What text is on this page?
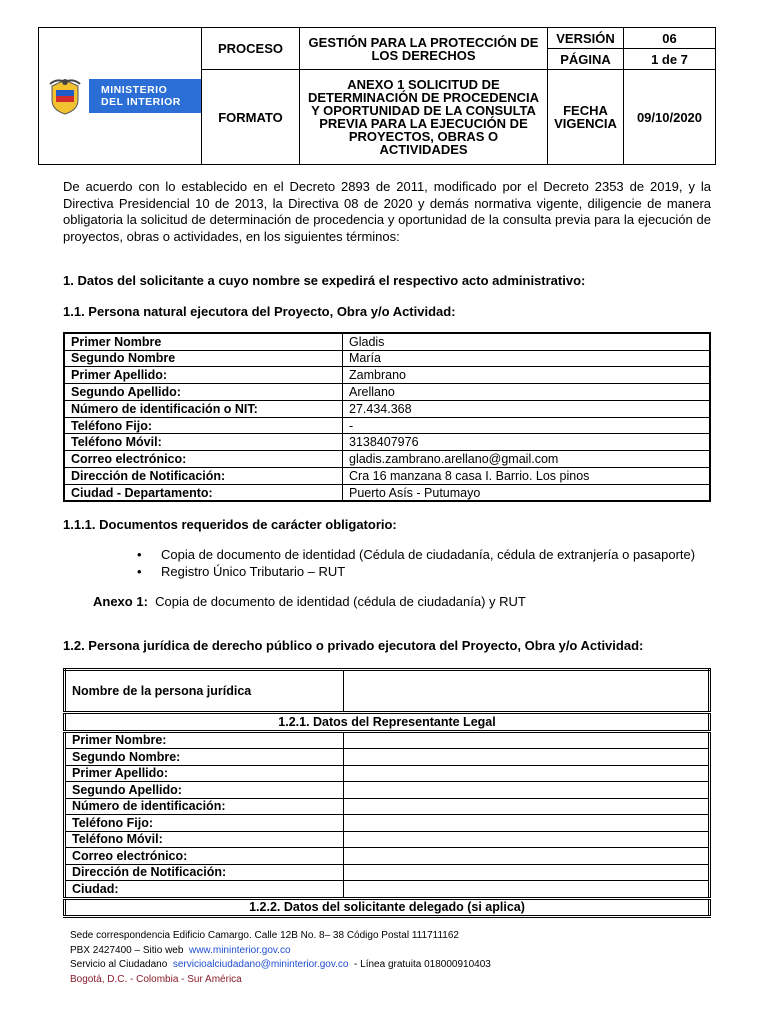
MINISTERIO
DEL INTERIOR	PROCESO	GESTIÓN PARA LA PROTECCIÓN DE LOS DERECHOS	VERSIÓN	06
			PÁGINA	1 de 7
	FORMATO	ANEXO 1 SOLICITUD DE DETERMINACIÓN DE PROCEDENCIA Y OPORTUNIDAD DE LA CONSULTA PREVIA PARA LA EJECUCIÓN DE PROYECTOS, OBRAS O ACTIVIDADES	FECHA VIGENCIA	09/10/2020

De acuerdo con lo establecido en el Decreto 2893 de 2011, modificado por el Decreto 2353 de 2019, y la Directiva Presidencial 10 de 2013, la Directiva 08 de 2020 y demás normativa vigente, diligencie de manera obligatoria la solicitud de determinación de procedencia y oportunidad de la consulta previa para la ejecución de proyectos, obras o actividades, en los siguientes términos:

1. Datos del solicitante a cuyo nombre se expedirá el respectivo acto administrativo:

1.1. Persona natural ejecutora del Proyecto, Obra y/o Actividad:

Primer Nombre	Gladis
Segundo Nombre	María
Primer Apellido:	Zambrano
Segundo Apellido:	Arellano
Número de identificación o NIT:	27.434.368
Teléfono Fijo:	-
Teléfono Móvil:	3138407976
Correo electrónico:	gladis.zambrano.arellano@gmail.com
Dirección de Notificación:	Cra 16 manzana 8 casa I. Barrio. Los pinos
Ciudad - Departamento:	Puerto Asís - Putumayo

1.1.1. Documentos requeridos de carácter obligatorio:

• Copia de documento de identidad (Cédula de ciudadanía, cédula de extranjería o pasaporte)
• Registro Único Tributario – RUT

Anexo 1: Copia de documento de identidad (cédula de ciudadanía) y RUT

1.2. Persona jurídica de derecho público o privado ejecutora del Proyecto, Obra y/o Actividad:

Nombre de la persona jurídica	
1.2.1. Datos del Representante Legal	
Primer Nombre:	
Segundo Nombre:	
Primer Apellido:	
Segundo Apellido:	
Número de identificación:	
Teléfono Fijo:	
Teléfono Móvil:	
Correo electrónico:	
Dirección de Notificación:	
Ciudad:	
1.2.2. Datos del solicitante delegado (si aplica)	
Sede correspondencia Edificio Camargo. Calle 12B No. 8– 38 Código Postal 111711162
PBX 2427400 – Sitio web www.mininterior.gov.co
Servicio al Ciudadano servicioalciudadano@mininterior.gov.co - Línea gratuita 018000910403
Bogotá, D.C. - Colombia - Sur América
